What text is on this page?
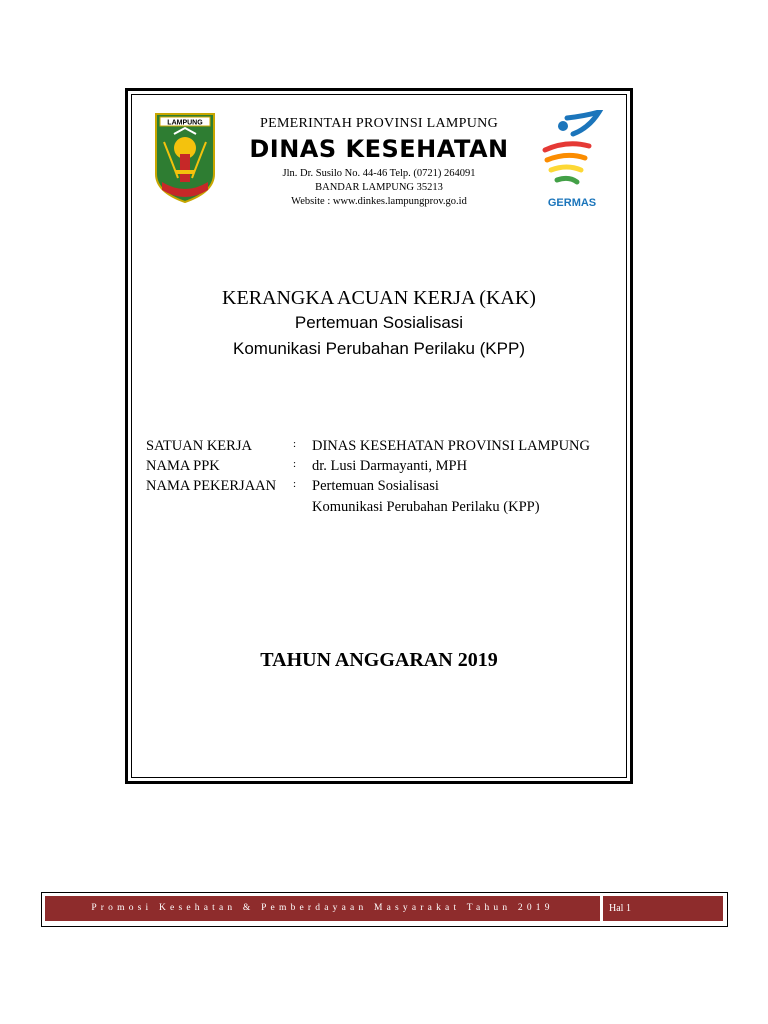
LAMPUNG	PEMERINTAH PROVINSI LAMPUNG
DINAS KESEHATAN
Jln. Dr. Susilo No. 44-46 Telp. (0721) 264091
BANDAR LAMPUNG 35213
Website : www.dinkes.lampungprov.go.id	GERMAS
KERANGKA ACUAN KERJA (KAK)
Pertemuan Sosialisasi
Komunikasi Perubahan Perilaku (KPP)
SATUAN KERJA	: DINAS KESEHATAN PROVINSI LAMPUNG
NAMA PPK	: dr. Lusi Darmayanti, MPH
NAMA PEKERJAAN : Pertemuan Sosialisasi
Komunikasi Perubahan Perilaku (KPP)
TAHUN ANGGARAN 2019
Promosi Kesehatan & Pemberdayaan Masyarakat Tahun 2019	Hal 1
